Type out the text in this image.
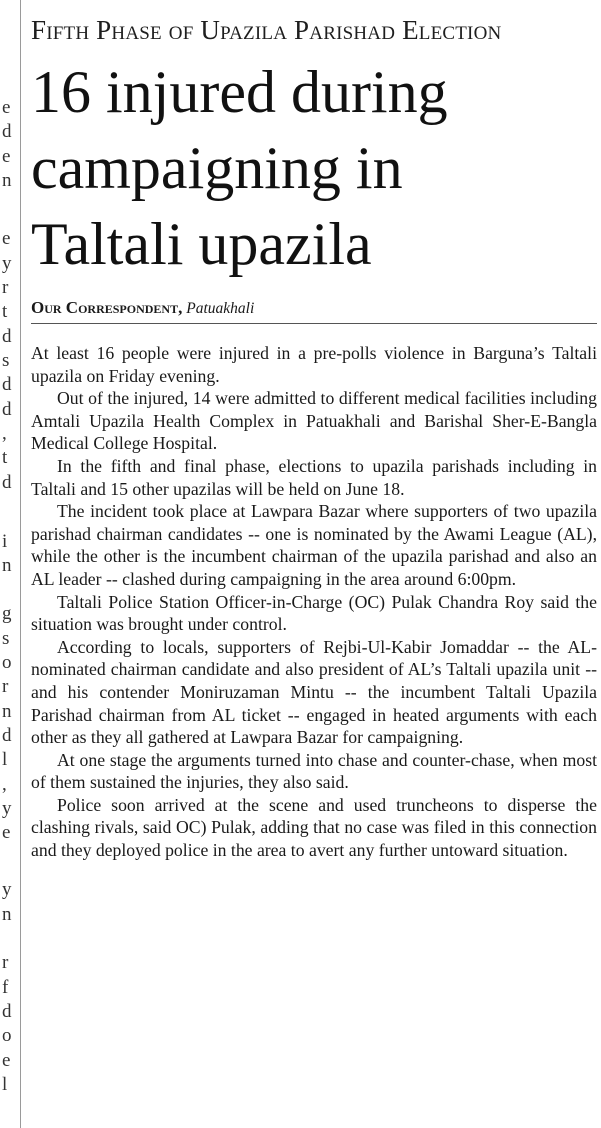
e
d
e
n
e
y
r
t
d
s
d
d
,
t
d
i
n
g
s
o
r
n
d
l
,
y
e
y
n
r
f
d
o
e
l
Fifth Phase of Upazila Parishad Election
16 injured during
campaigning in
Taltali upazila
Our Correspondent, Patuakhali

At least 16 people were injured in a pre-polls violence in Barguna’s Taltali upazila on Friday evening.

Out of the injured, 14 were admitted to different medical facilities including Amtali Upazila Health Complex in Patuakhali and Barishal Sher-E-Bangla Medical College Hospital.

In the fifth and final phase, elections to upazila parishads including in Taltali and 15 other upazilas will be held on June 18.

The incident took place at Lawpara Bazar where supporters of two upazila parishad chairman candidates -- one is nominated by the Awami League (AL), while the other is the incumbent chairman of the upazila parishad and also an AL leader -- clashed during campaigning in the area around 6:00pm.

Taltali Police Station Officer-in-Charge (OC) Pulak Chandra Roy said the situation was brought under control.

According to locals, supporters of Rejbi-Ul-Kabir Jomaddar -- the AL-nominated chairman candidate and also president of AL’s Taltali upazila unit -- and his contender Moniruzaman Mintu -- the incumbent Taltali Upazila Parishad chairman from AL ticket -- engaged in heated arguments with each other as they all gathered at Lawpara Bazar for campaigning.

At one stage the arguments turned into chase and counter-chase, when most of them sustained the injuries, they also said.

Police soon arrived at the scene and used truncheons to disperse the clashing rivals, said OC) Pulak, adding that no case was filed in this connection and they deployed police in the area to avert any further untoward situation.
